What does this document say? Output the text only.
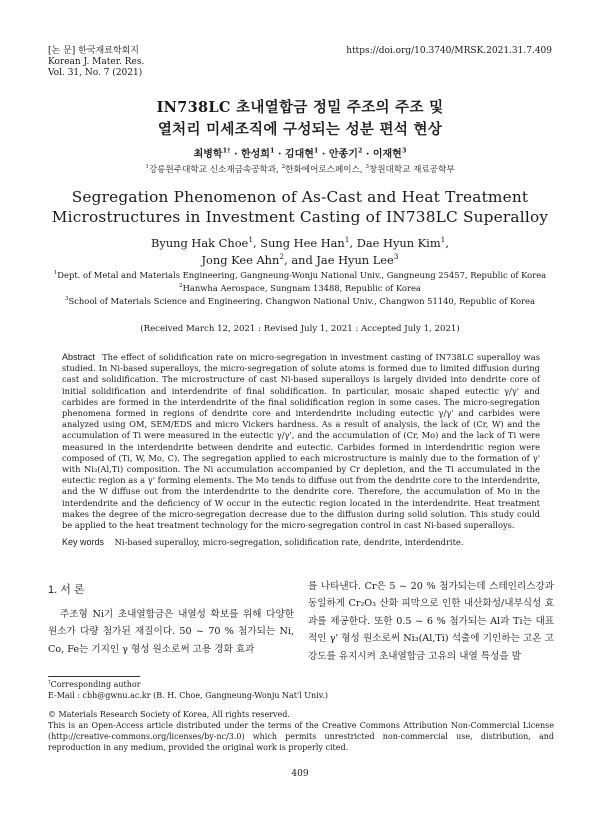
[논 문] 한국재료학회지
Korean J. Mater. Res.
Vol. 31, No. 7 (2021)
https://doi.org/10.3740/MRSK.2021.31.7.409
IN738LC 초내열합금 정밀 주조의 주조 및
열처리 미세조직에 구성되는 성분 편석 현상
최병학$^{1\dagger}$ · 한성희$^1$ · 김대현$^1$ · 안종기$^2$ · 이재현$^3$
$^1$강릉원주대학교 신소재금속공학과, $^2$한화에어로스페이스, $^3$창원대학교 재료공학부
Segregation Phenomenon of As-Cast and Heat Treatment
Microstructures in Investment Casting of IN738LC Superalloy
Byung Hak Choe$^1$, Sung Hee Han$^1$, Dae Hyun Kim$^1$,
Jong Kee Ahn$^2$, and Jae Hyun Lee$^3$
$^1$Dept. of Metal and Materials Engineering, Gangneung-Wonju National Univ., Gangneung 25457, Republic of Korea
$^2$Hanwha Aerospace, Sungnam 13488, Republic of Korea
$^3$School of Materials Science and Engineering. Changwon National Univ., Changwon 51140, Republic of Korea
(Received March 12, 2021 : Revised July 1, 2021 : Accepted July 1, 2021)
Abstract The effect of solidification rate on micro-segregation in investment casting of IN738LC superalloy was studied. In Ni-based superalloys, the micro-segregation of solute atoms is formed due to limited diffusion during cast and solidification. The microstructure of cast Ni-based superalloys is largely divided into dendrite core of initial solidification and interdendrite of final solidification. In particular, mosaic shaped eutectic γ/γ' and carbides are formed in the interdendrite of the final solidification region in some cases. The micro-segregation phenomena formed in regions of dendrite core and interdendrite including eutectic γ/γ' and carbides were analyzed using OM, SEM/EDS and micro Vickers hardness. As a result of analysis, the lack of (Cr, W) and the accumulation of Ti were measured in the eutectic γ/γ', and the accumulation of (Cr, Mo) and the lack of Ti were measured in the interdendrite between dendrite and eutectic. Carbides formed in interdendritic region were composed of (Ti, W, Mo, C). The segregation applied to each microstructure is mainly due to the formation of γ' with Ni₃(Al,Ti) composition. The Ni accumulation accompanied by Cr depletion, and the Ti accumulated in the eutectic region as a γ' forming elements. The Mo tends to diffuse out from the dendrite core to the interdendrite, and the W diffuse out from the interdendrite to the dendrite core. Therefore, the accumulation of Mo in the interdendrite and the deficiency of W occur in the eutectic region located in the interdendrite. Heat treatment makes the degree of the micro-segregation decrease due to the diffusion during solid solution. This study could be applied to the heat treatment technology for the micro-segregation control in cast Ni-based superalloys.
Key words Ni-based superalloy, micro-segregation, solidification rate, dendrite, interdendrite.
1. 서 론
주조형 Ni기 초내열합금은 내열성 확보를 위해 다양한 원소가 다량 첨가된 재질이다. 50 ~ 70 % 첨가되는 Ni, Co, Fe는 기지인 γ 형성 원소로써 고용 경화 효과
를 나타낸다. Cr은 5 ~ 20 % 첨가되는데 스테인리스강과 동일하게 Cr₂O₃ 산화 피막으로 인한 내산화성/내부식성 효과를 제공한다. 또한 0.5 ~ 6 % 첨가되는 Al과 Ti는 대표적인 γ' 형성 원소로써 Ni₃(Al,Ti) 석출에 기인하는 고온 고강도를 유지시켜 초내열합금 고유의 내열 특성을 발
†Corresponding author
E-Mail : cbh@gwnu.ac.kr (B. H. Choe, Gangneung-Wonju Nat'l Univ.)
© Materials Research Society of Korea, All rights reserved.
This is an Open-Access article distributed under the terms of the Creative Commons Attribution Non-Commercial License (http://creative-commons.org/licenses/by-nc/3.0) which permits unrestricted non-commercial use, distribution, and reproduction in any medium, provided the original work is properly cited.
409
